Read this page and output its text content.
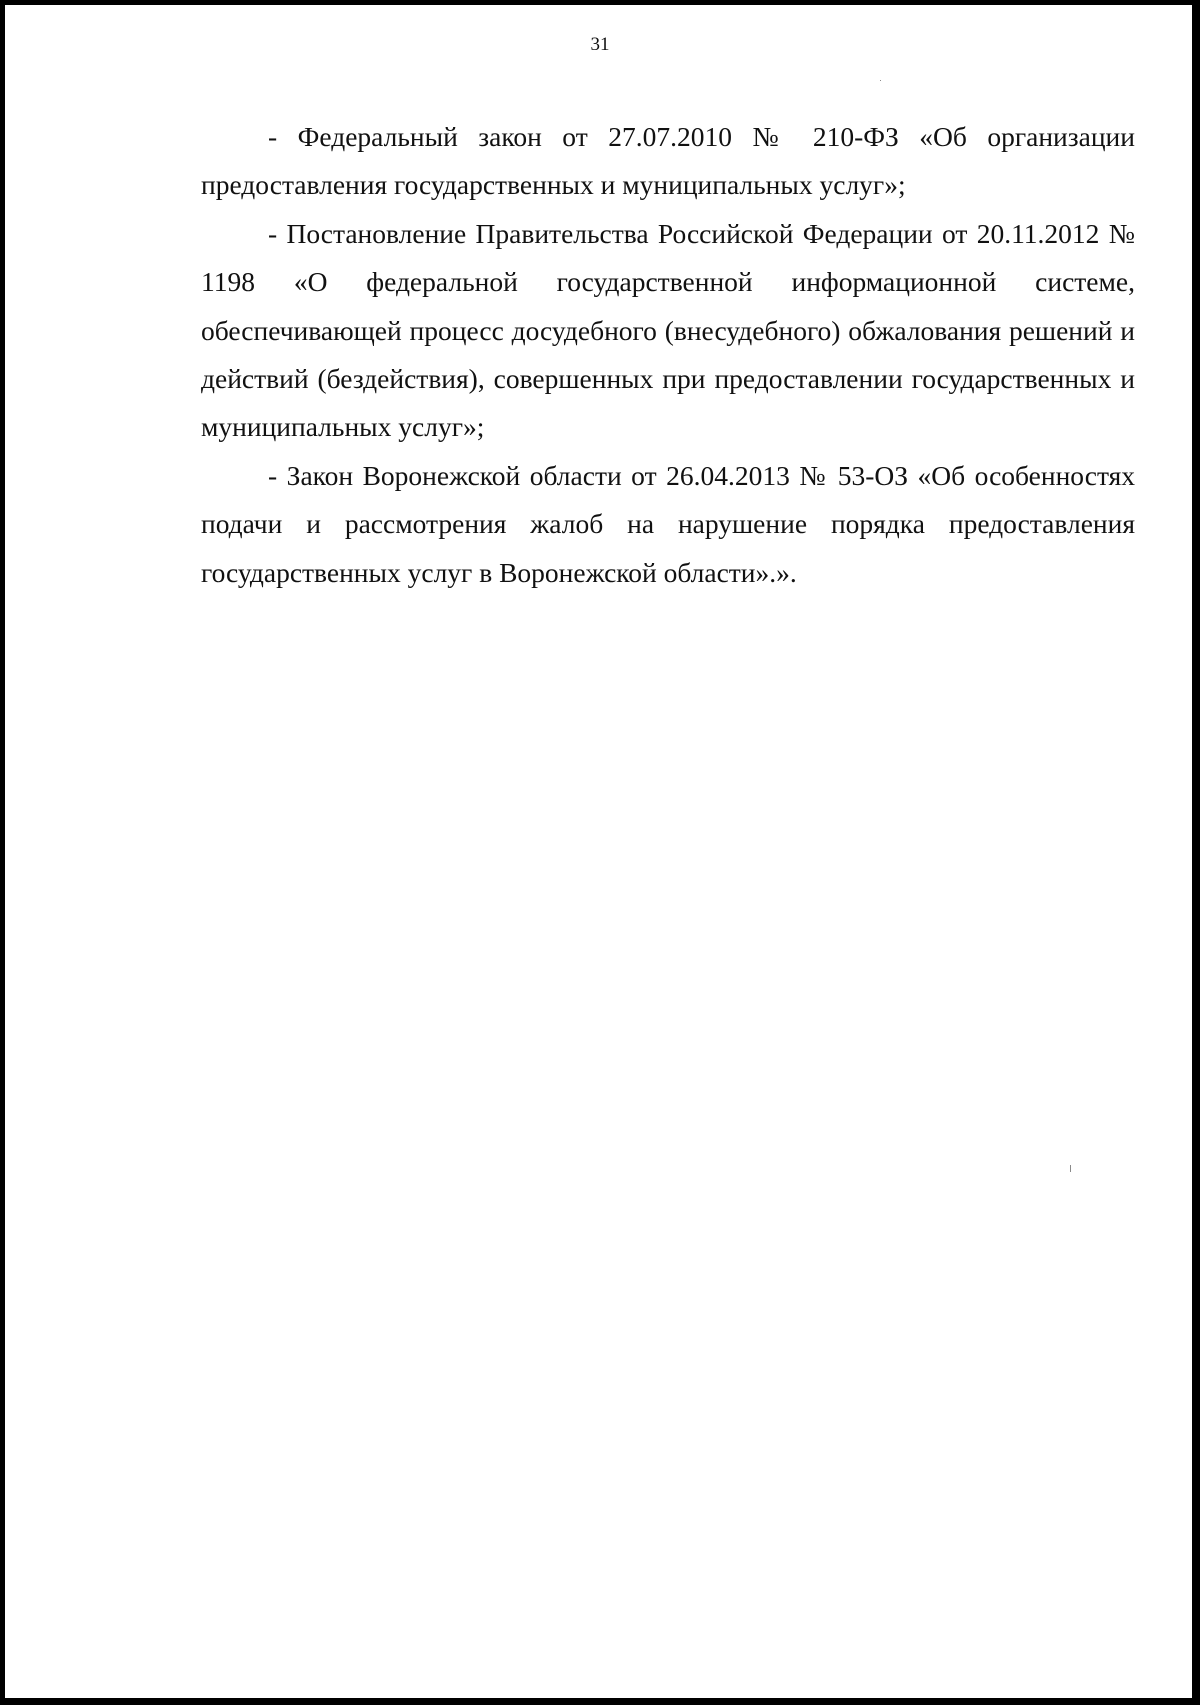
31

- Федеральный закон от 27.07.2010 № 210-ФЗ «Об организации предоставления государственных и муниципальных услуг»;

- Постановление Правительства Российской Федерации от 20.11.2012 № 1198 «О федеральной государственной информационной системе, обеспечивающей процесс досудебного (внесудебного) обжалования решений и действий (бездействия), совершенных при предоставлении государственных и муниципальных услуг»;

- Закон Воронежской области от 26.04.2013 № 53-ОЗ «Об особенностях подачи и рассмотрения жалоб на нарушение порядка предоставления государственных услуг в Воронежской области».».
